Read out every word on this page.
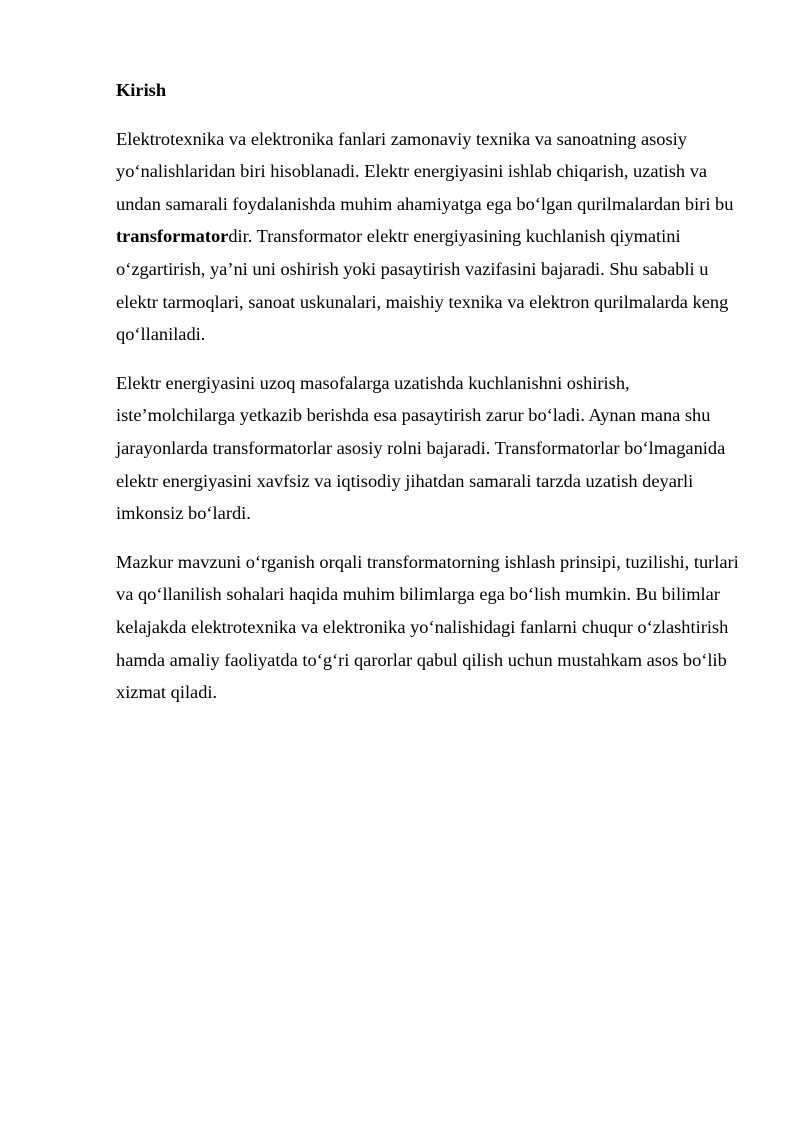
Kirish

Elektrotexnika va elektronika fanlari zamonaviy texnika va sanoatning asosiy yo‘nalishlaridan biri hisoblanadi. Elektr energiyasini ishlab chiqarish, uzatish va undan samarali foydalanishda muhim ahamiyatga ega bo‘lgan qurilmalardan biri bu transformatordir. Transformator elektr energiyasining kuchlanish qiymatini o‘zgartirish, ya’ni uni oshirish yoki pasaytirish vazifasini bajaradi. Shu sababli u elektr tarmoqlari, sanoat uskunalari, maishiy texnika va elektron qurilmalarda keng qo‘llaniladi.

Elektr energiyasini uzoq masofalarga uzatishda kuchlanishni oshirish, iste’molchilarga yetkazib berishda esa pasaytirish zarur bo‘ladi. Aynan mana shu jarayonlarda transformatorlar asosiy rolni bajaradi. Transformatorlar bo‘lmaganida elektr energiyasini xavfsiz va iqtisodiy jihatdan samarali tarzda uzatish deyarli imkonsiz bo‘lardi.

Mazkur mavzuni o‘rganish orqali transformatorning ishlash prinsipi, tuzilishi, turlari va qo‘llanilish sohalari haqida muhim bilimlarga ega bo‘lish mumkin. Bu bilimlar kelajakda elektrotexnika va elektronika yo‘nalishidagi fanlarni chuqur o‘zlashtirish hamda amaliy faoliyatda to‘g‘ri qarorlar qabul qilish uchun mustahkam asos bo‘lib xizmat qiladi.
